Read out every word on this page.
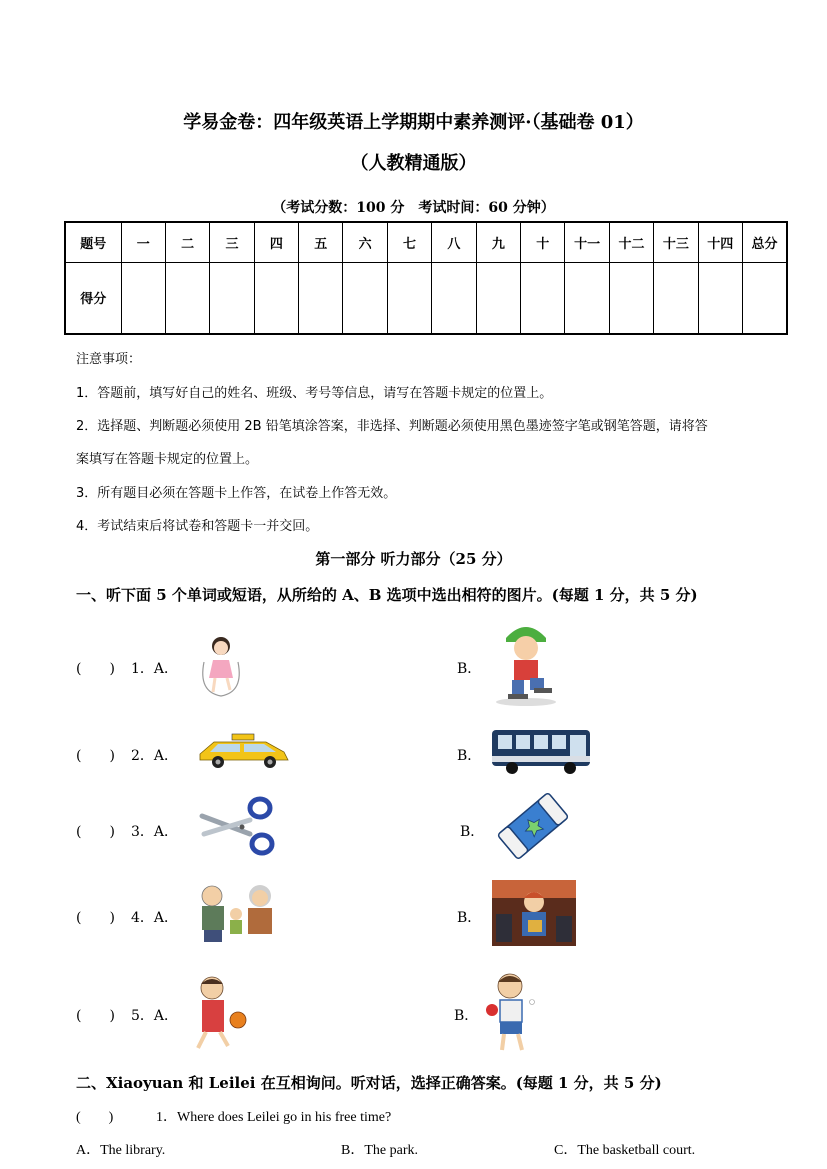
学易金卷：四年级英语上学期期中素养测评·（基础卷 01）
（人教精通版）
（考试分数：100 分　考试时间：60 分钟）
题号	一	二	三	四	五	六	七	八	九	十	十一	十二	十三	十四	总分
得分															
注意事项：
1．答题前，填写好自己的姓名、班级、考号等信息，请写在答题卡规定的位置上。
2．选择题、判断题必须使用 2B 铅笔填涂答案，非选择、判断题必须使用黑色墨迹签字笔或钢笔答题，请将答
案填写在答题卡规定的位置上。
3．所有题目必须在答题卡上作答，在试卷上作答无效。
4．考试结束后将试卷和答题卡一并交回。
第一部分 听力部分（25 分）
一、听下面 5 个单词或短语，从所给的 A、B 选项中选出相符的图片。(每题 1 分，共 5 分)
(　　) 1．A．	B．
(　　) 2．A．	B．
(　　) 3．A．	B．
(　　) 4．A．	B．
(　　) 5．A．	B．
二、Xiaoyuan 和 Leilei 在互相询问。听对话，选择正确答案。(每题 1 分，共 5 分)
(　　)	1．Where does Leilei go in his free time?
A．The library.	B．The park.	C．The basketball court.
